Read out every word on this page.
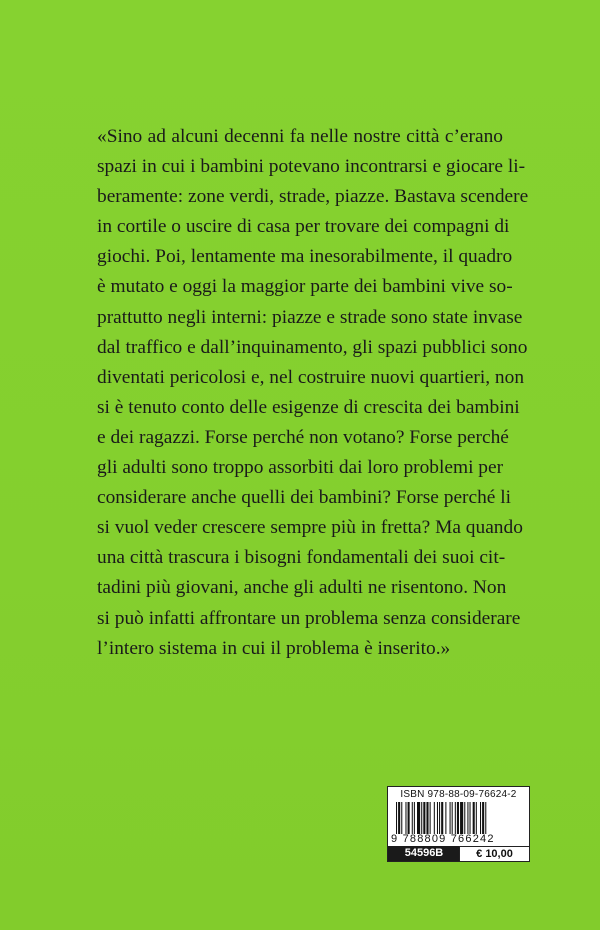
«Sino ad alcuni decenni fa nelle nostre città c’erano
spazi in cui i bambini potevano incontrarsi e giocare li-
beramente: zone verdi, strade, piazze. Bastava scendere
in cortile o uscire di casa per trovare dei compagni di
giochi. Poi, lentamente ma inesorabilmente, il quadro
è mutato e oggi la maggior parte dei bambini vive so-
prattutto negli interni: piazze e strade sono state invase
dal traffico e dall’inquinamento, gli spazi pubblici sono
diventati pericolosi e, nel costruire nuovi quartieri, non
si è tenuto conto delle esigenze di crescita dei bambini
e dei ragazzi. Forse perché non votano? Forse perché
gli adulti sono troppo assorbiti dai loro problemi per
considerare anche quelli dei bambini? Forse perché li
si vuol veder crescere sempre più in fretta? Ma quando
una città trascura i bisogni fondamentali dei suoi cit-
tadini più giovani, anche gli adulti ne risentono. Non
si può infatti affrontare un problema senza considerare
l’intero sistema in cui il problema è inserito.»
ISBN 978-88-09-76624-2
9 788809 766242
54596B	€ 10,00
